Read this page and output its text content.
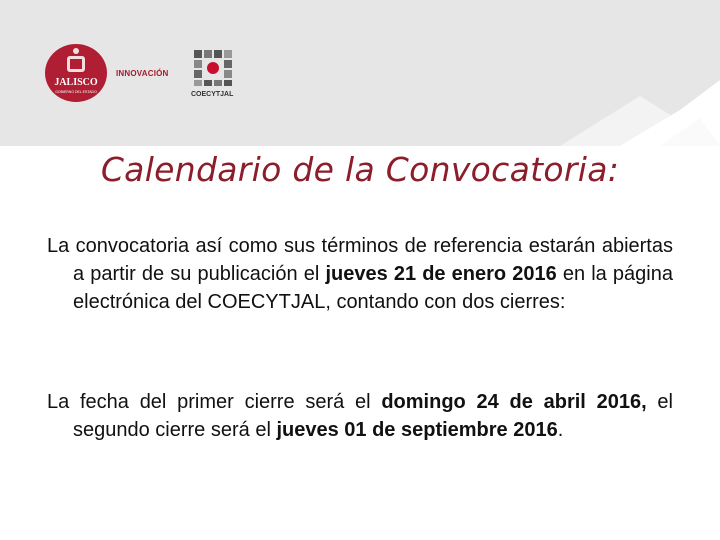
JALISCO
GOBIERNO DEL ESTADO
INNOVACIÓN
COECYTJAL
Calendario de la Convocatoria:

La convocatoria así como sus términos de referencia estarán abiertas a partir de su publicación el jueves 21 de enero 2016 en la página electrónica del COECYTJAL, contando con dos cierres:

La fecha del primer cierre será el domingo 24 de abril 2016, el segundo cierre será el jueves 01 de septiembre 2016.
